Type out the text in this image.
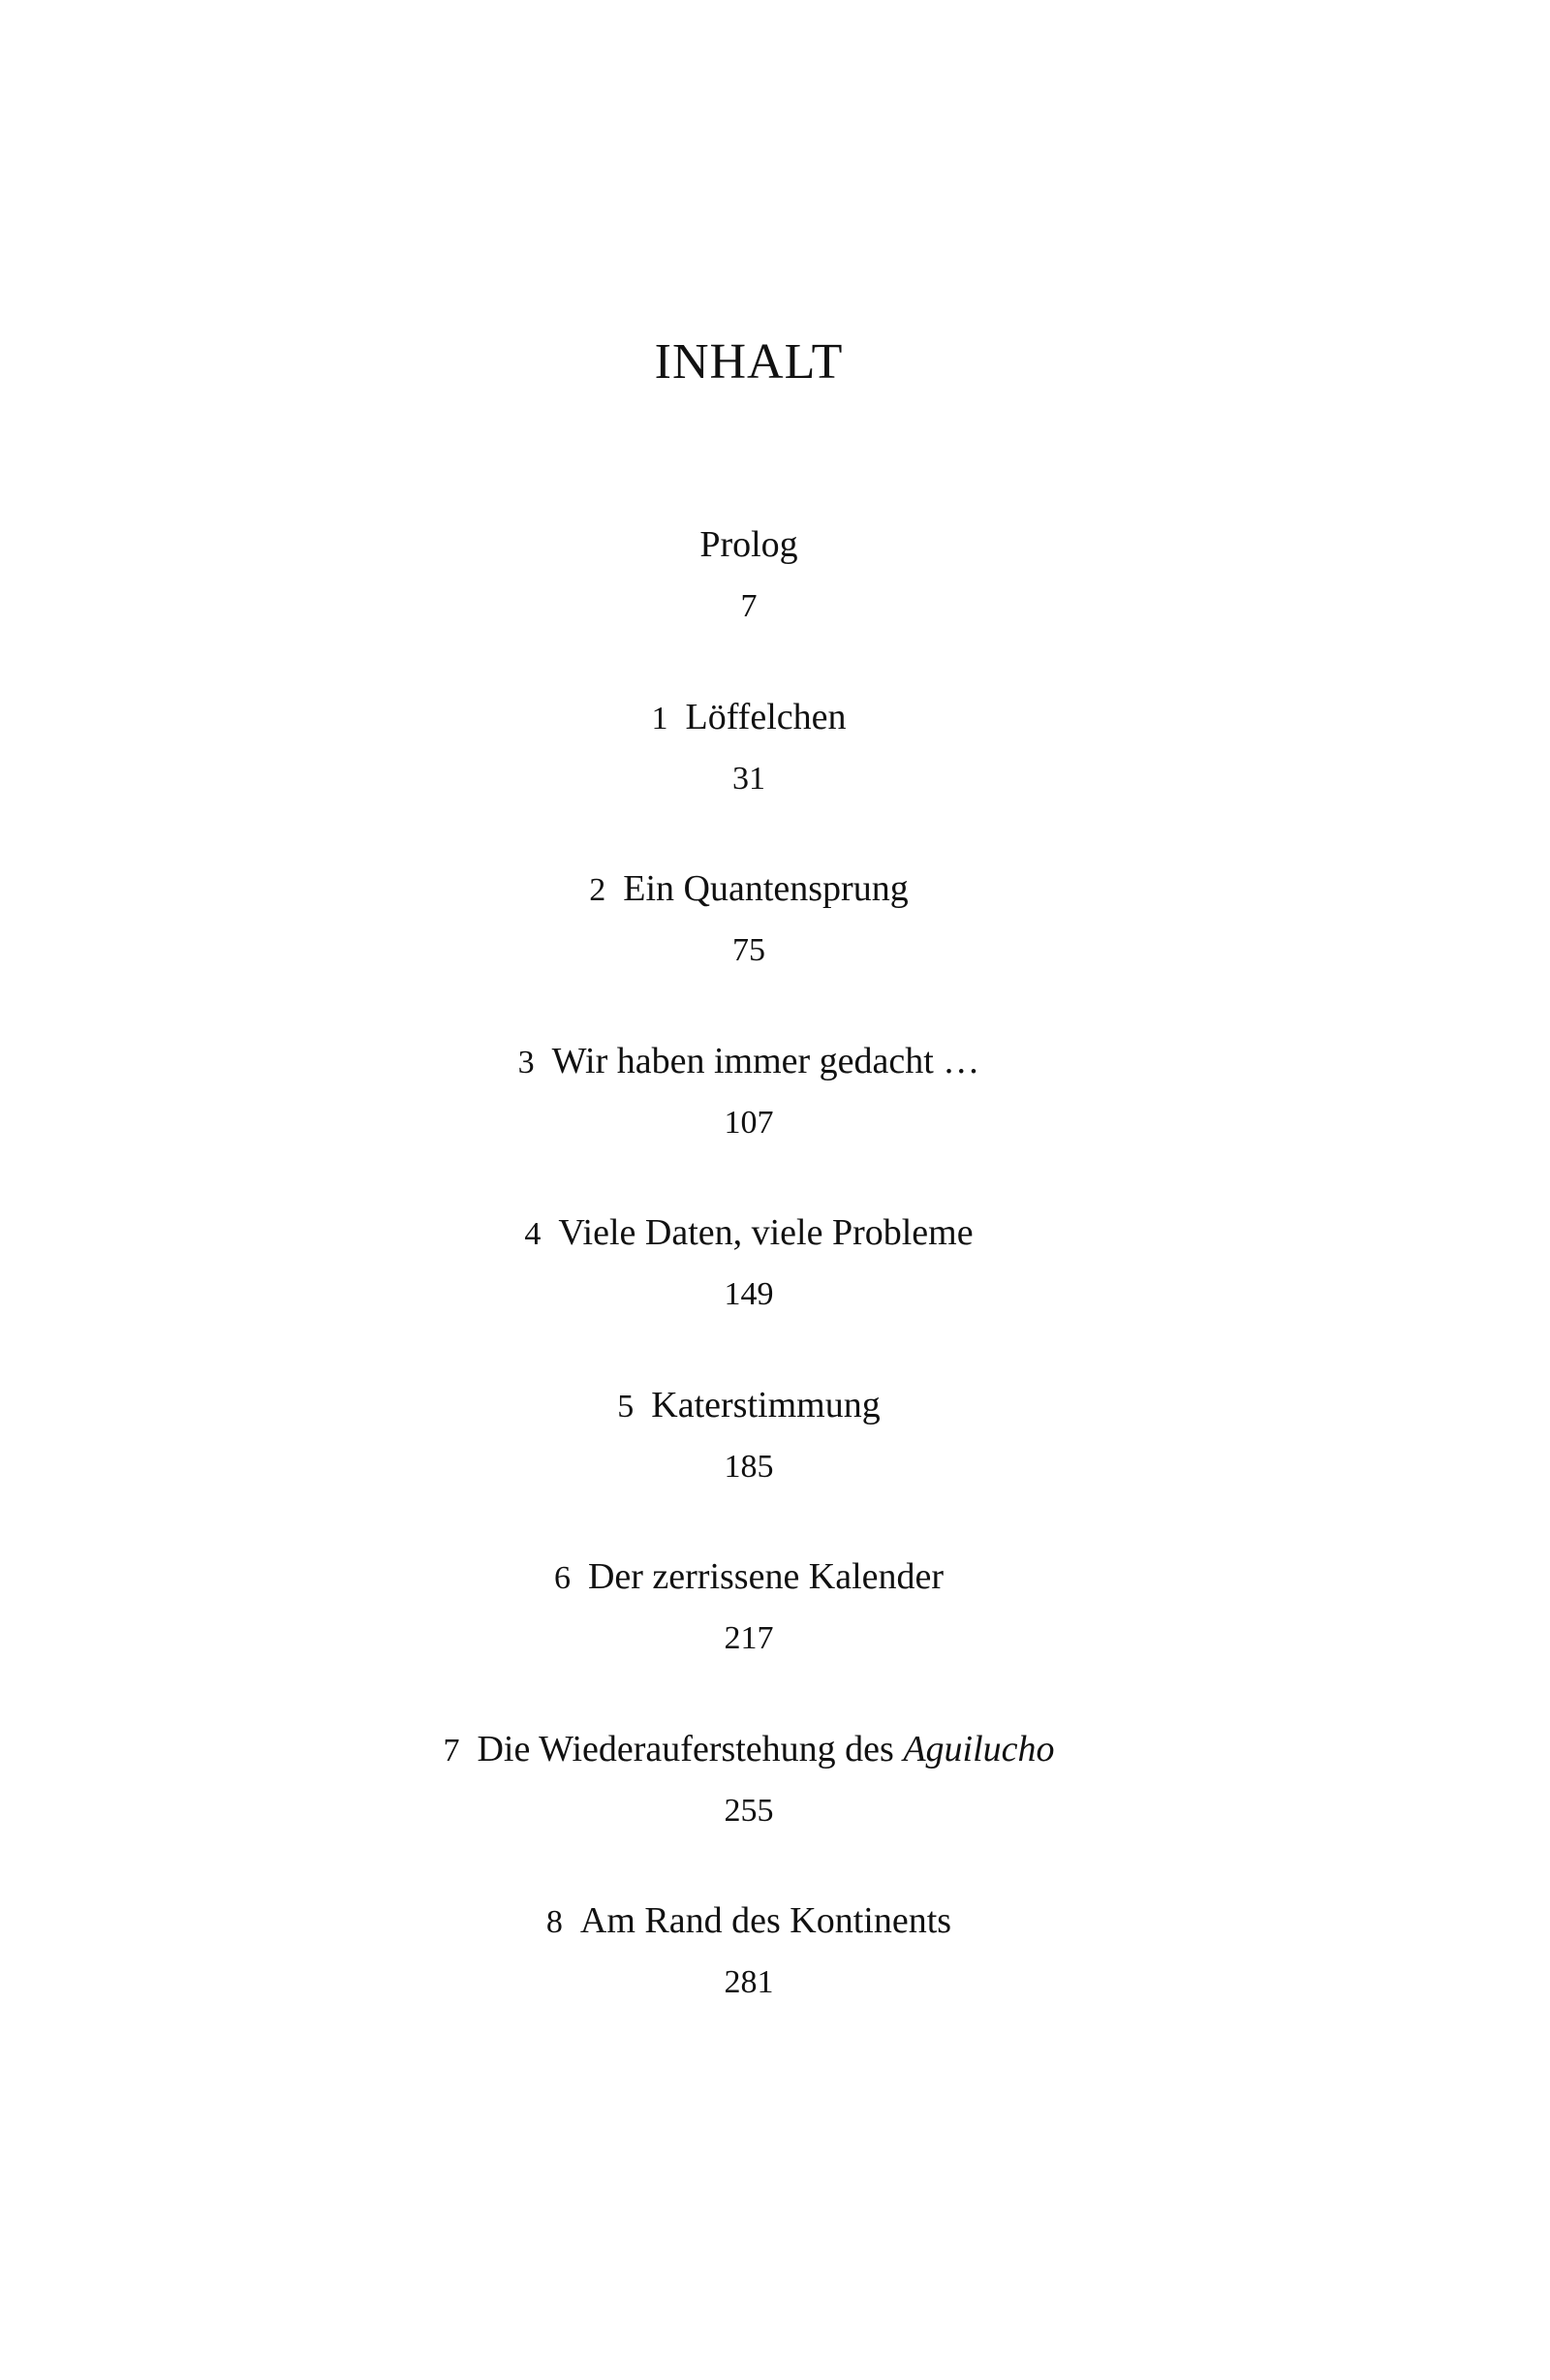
INHALT
Prolog
7
1 Löffelchen
31
2 Ein Quantensprung
75
3 Wir haben immer gedacht …
107
4 Viele Daten, viele Probleme
149
5 Katerstimmung
185
6 Der zerrissene Kalender
217
7 Die Wiederauferstehung des Aguilucho
255
8 Am Rand des Kontinents
281
